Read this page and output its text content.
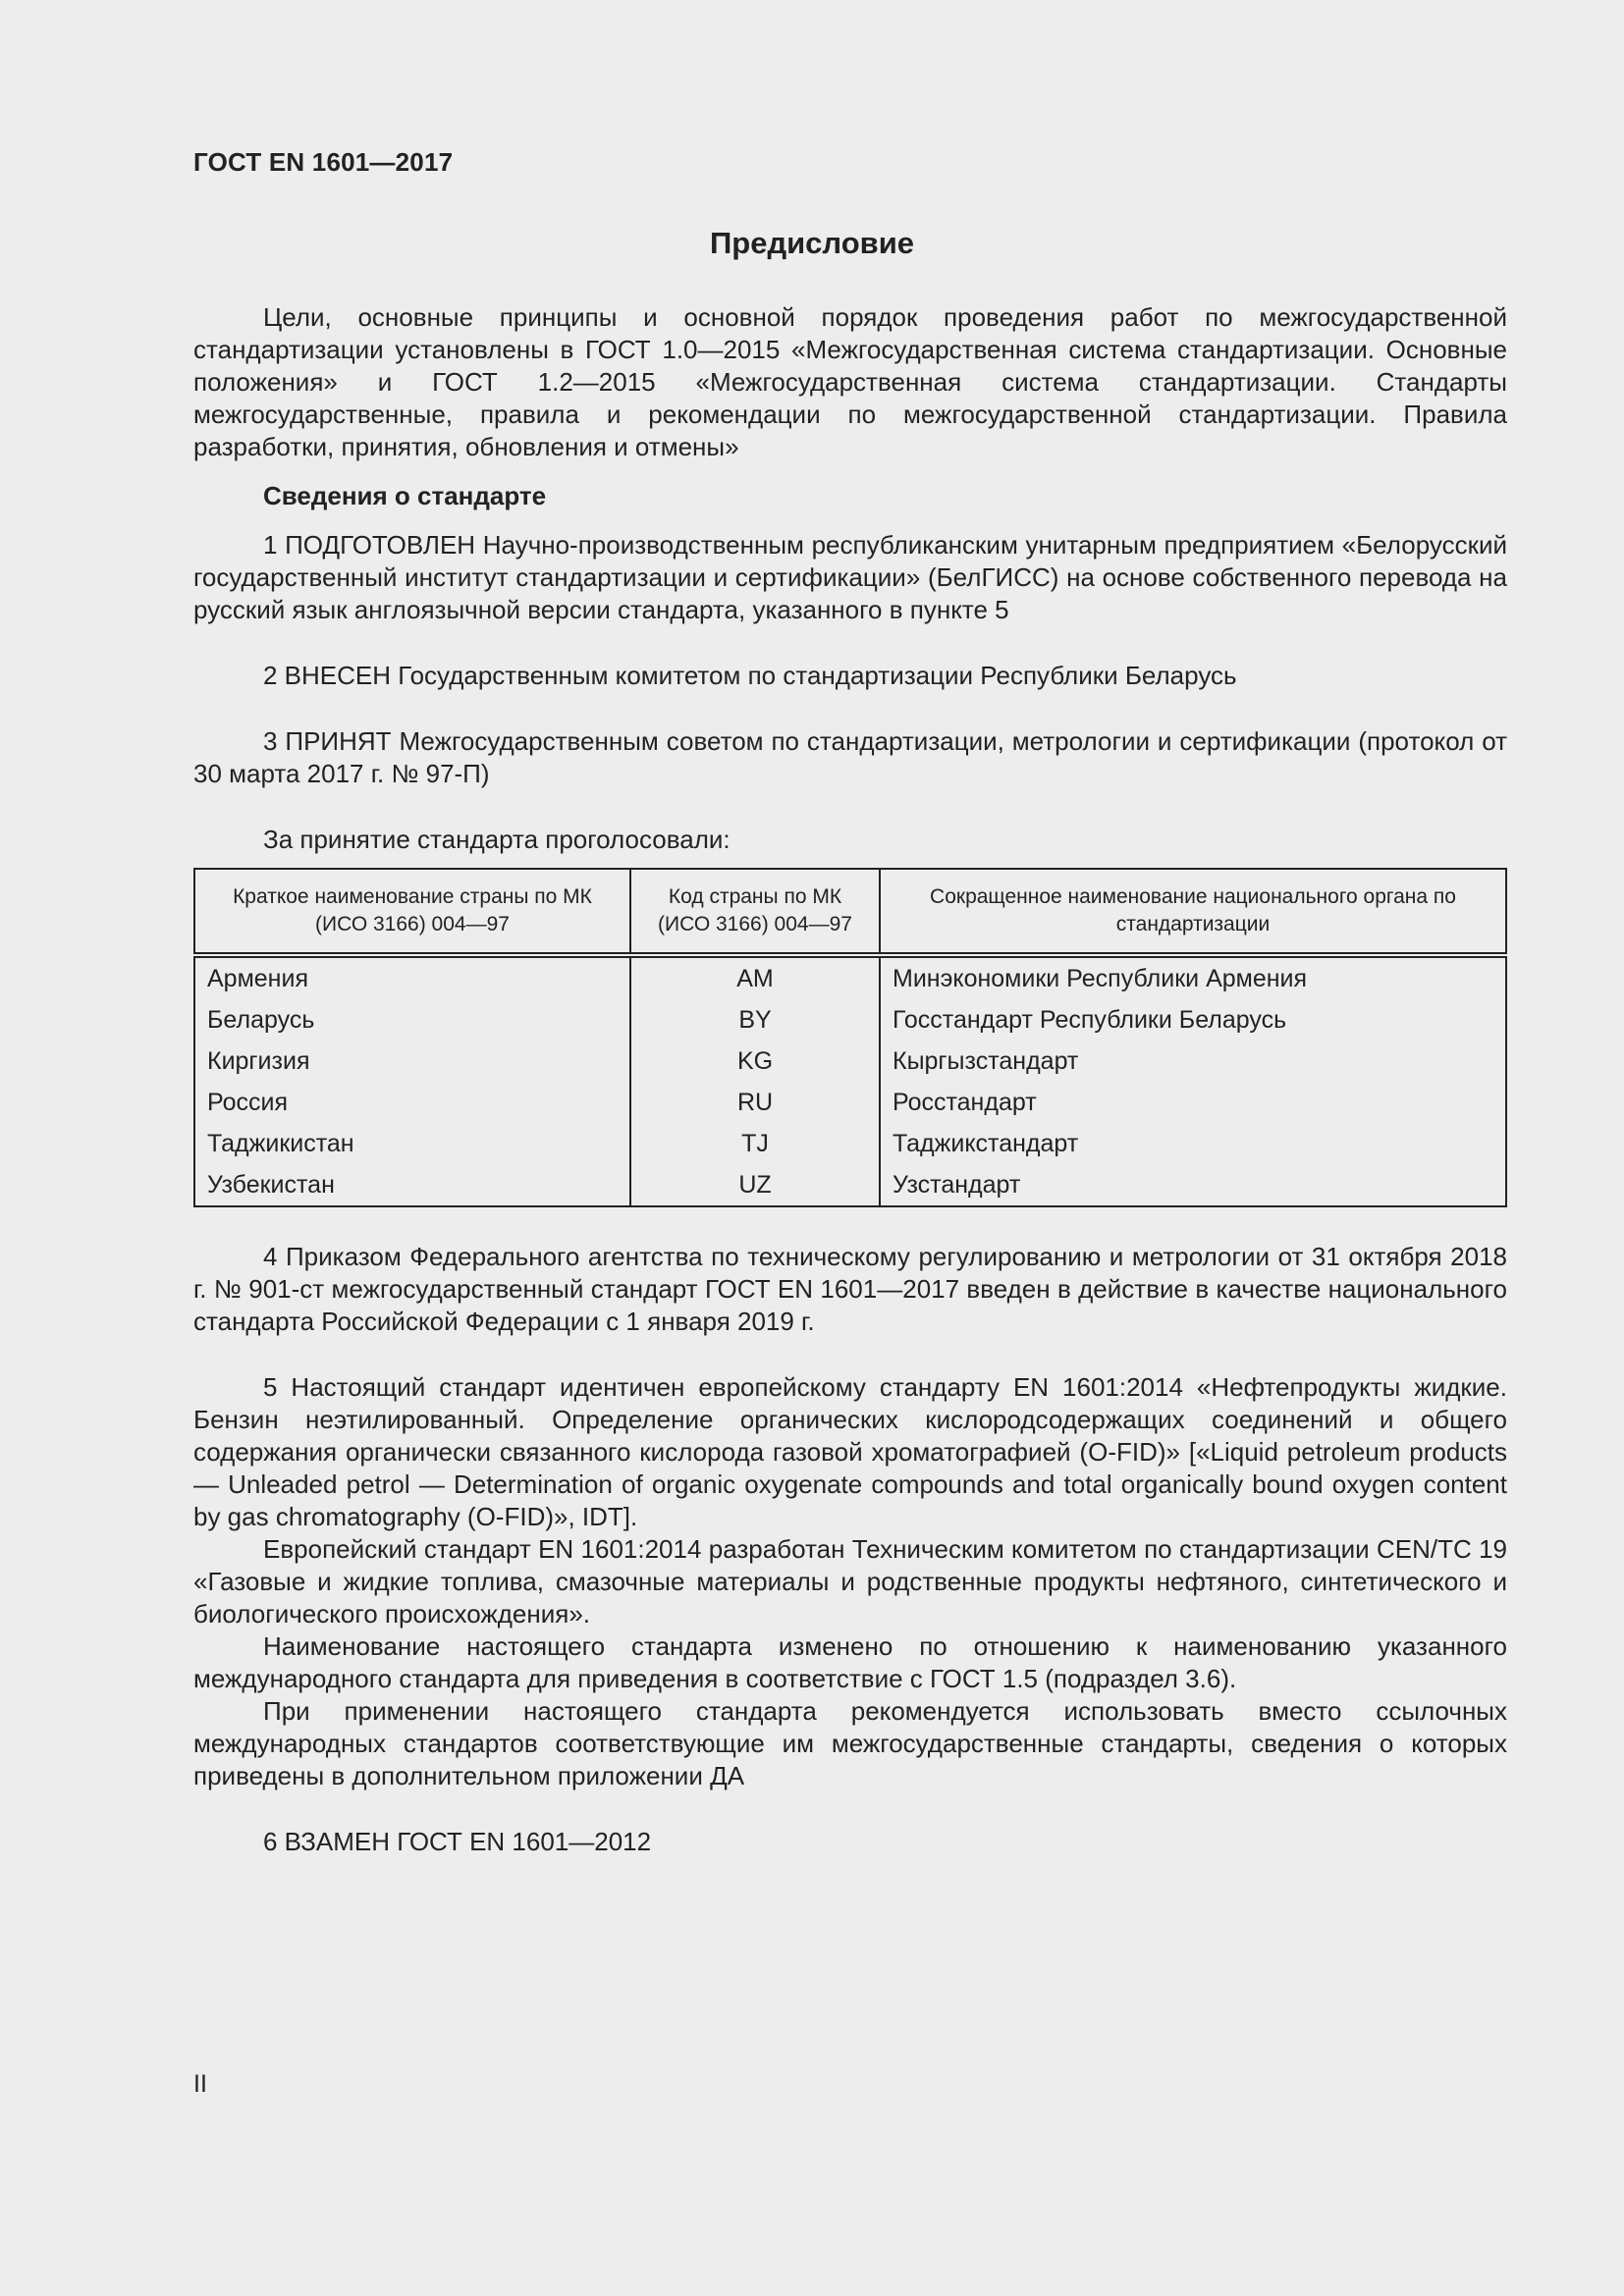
ГОСТ EN 1601—2017
Предисловие

Цели, основные принципы и основной порядок проведения работ по межгосударственной стандартизации установлены в ГОСТ 1.0—2015 «Межгосударственная система стандартизации. Основные положения» и ГОСТ 1.2—2015 «Межгосударственная система стандартизации. Стандарты межгосударственные, правила и рекомендации по межгосударственной стандартизации. Правила разработки, принятия, обновления и отмены»

Сведения о стандарте

1 ПОДГОТОВЛЕН Научно-производственным республиканским унитарным предприятием «Белорусский государственный институт стандартизации и сертификации» (БелГИСС) на основе собственного перевода на русский язык англоязычной версии стандарта, указанного в пункте 5

2 ВНЕСЕН Государственным комитетом по стандартизации Республики Беларусь

3 ПРИНЯТ Межгосударственным советом по стандартизации, метрологии и сертификации (протокол от 30 марта 2017 г. № 97-П)

За принятие стандарта проголосовали:

Краткое наименование страны по МК (ИСО 3166) 004—97	Код страны по МК (ИСО 3166) 004—97	Сокращенное наименование национального органа по стандартизации
Армения	AM	Минэкономики Республики Армения
Беларусь	BY	Госстандарт Республики Беларусь
Киргизия	KG	Кыргызстандарт
Россия	RU	Росстандарт
Таджикистан	TJ	Таджикстандарт
Узбекистан	UZ	Узстандарт

4 Приказом Федерального агентства по техническому регулированию и метрологии от 31 октября 2018 г. № 901-ст межгосударственный стандарт ГОСТ EN 1601—2017 введен в действие в качестве национального стандарта Российской Федерации с 1 января 2019 г.

5 Настоящий стандарт идентичен европейскому стандарту EN 1601:2014 «Нефтепродукты жидкие. Бензин неэтилированный. Определение органических кислородсодержащих соединений и общего содержания органически связанного кислорода газовой хроматографией (O-FID)» [«Liquid petroleum products — Unleaded petrol — Determination of organic oxygenate compounds and total organically bound oxygen content by gas chromatography (O-FID)», IDT].

Европейский стандарт EN 1601:2014 разработан Техническим комитетом по стандартизации CEN/TC 19 «Газовые и жидкие топлива, смазочные материалы и родственные продукты нефтяного, синтетического и биологического происхождения».

Наименование настоящего стандарта изменено по отношению к наименованию указанного международного стандарта для приведения в соответствие с ГОСТ 1.5 (подраздел 3.6).

При применении настоящего стандарта рекомендуется использовать вместо ссылочных международных стандартов соответствующие им межгосударственные стандарты, сведения о которых приведены в дополнительном приложении ДА

6 ВЗАМЕН ГОСТ EN 1601—2012

II
